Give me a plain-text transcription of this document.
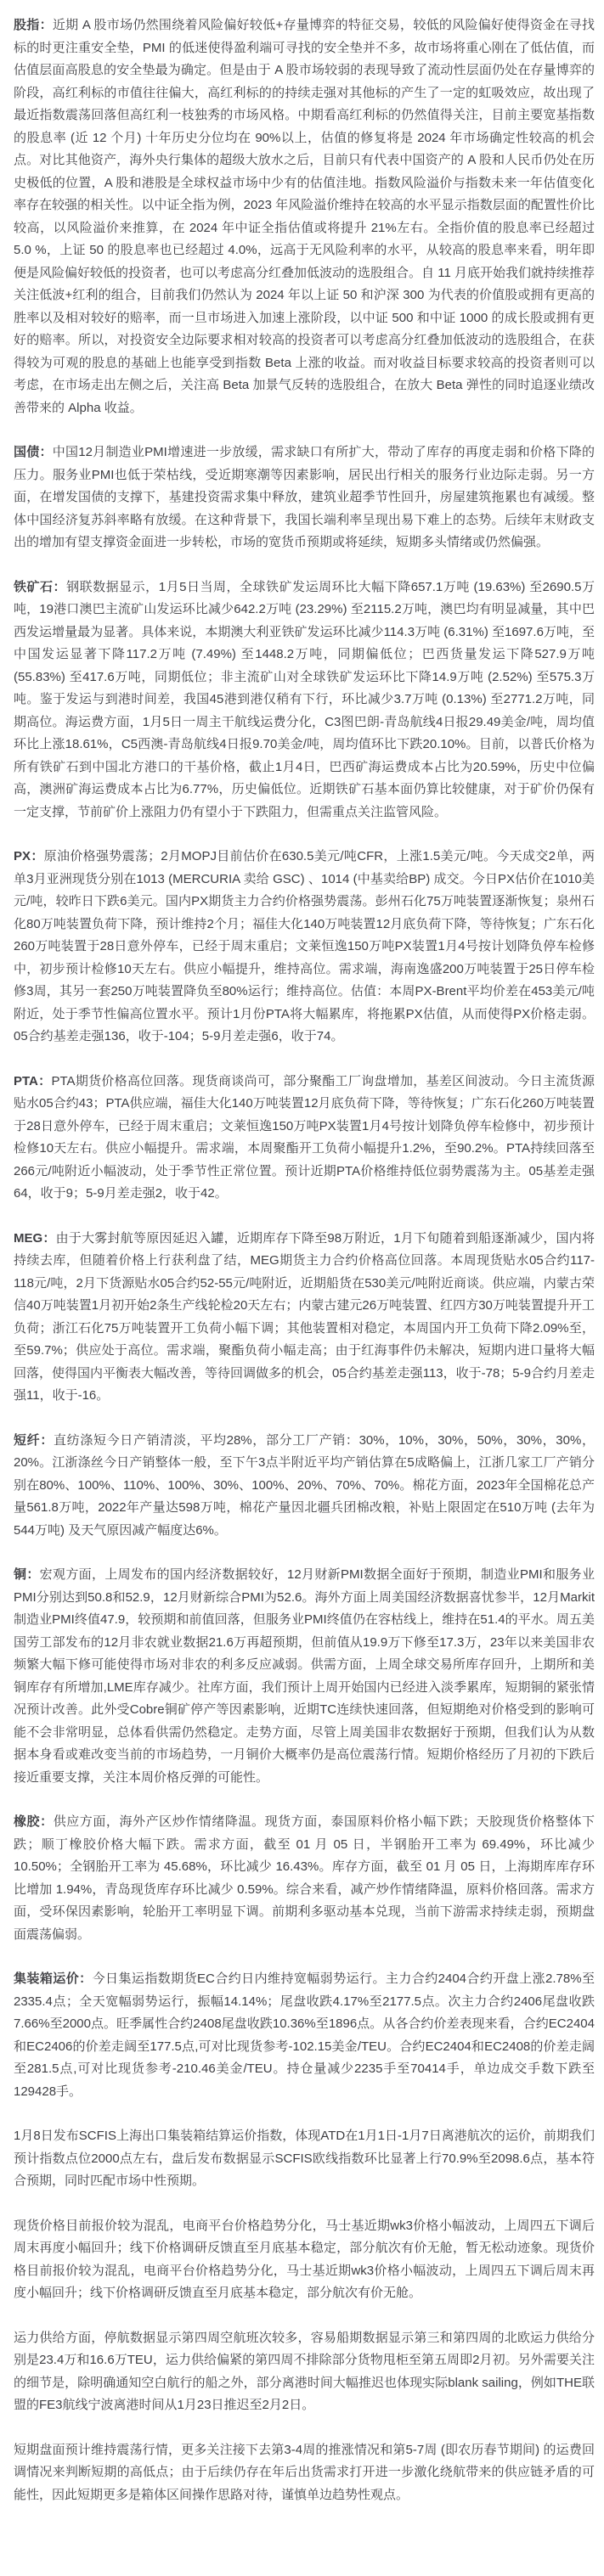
股指：近期 A 股市场仍然围绕着风险偏好较低+存量博弈的特征交易，较低的风险偏好使得资金在寻找标的时更注重安全垫，PMI 的低迷使得盈利端可寻找的安全垫并不多，故市场将重心刚在了低估值，而估值层面高股息的安全垫最为确定。但是由于 A 股市场较弱的表现导致了流动性层面仍处在存量博弈的阶段，高红利标的市值往往偏大，高红利标的的持续走强对其他标的产生了一定的虹吸效应，故出现了最近指数震荡回落但高红利一枝独秀的市场风格。中期看高红利标的仍然值得关注，目前主要宽基指数的股息率 (近 12 个月) 十年历史分位均在 90%以上，估值的修复将是 2024 年市场确定性较高的机会点。对比其他资产，海外央行集体的超级大放水之后，目前只有代表中国资产的 A 股和人民币仍处在历史极低的位置，A 股和港股是全球权益市场中少有的估值洼地。指数风险溢价与指数未来一年估值变化率存在较强的相关性。以中证全指为例，2023 年风险溢价维持在较高的水平显示指数层面的配置性价比较高，以风险溢价来推算，在 2024 年中证全指估值或将提升 21%左右。全指价值的股息率已经超过 5.0 %，上证 50 的股息率也已经超过 4.0%，远高于无风险利率的水平，从较高的股息率来看，明年即便是风险偏好较低的投资者，也可以考虑高分红叠加低波动的选股组合。自 11 月底开始我们就持续推荐关注低波+红利的组合，目前我们仍然认为 2024 年以上证 50 和沪深 300 为代表的价值股或拥有更高的胜率以及相对较好的赔率，而一旦市场进入加速上涨阶段，以中证 500 和中证 1000 的成长股或拥有更好的赔率。所以，对投资安全边际要求相对较高的投资者可以考虑高分红叠加低波动的选股组合，在获得较为可观的股息的基础上也能享受到指数 Beta 上涨的收益。而对收益目标要求较高的投资者则可以考虑，在市场走出左侧之后，关注高 Beta 加景气反转的选股组合，在放大 Beta 弹性的同时追逐业绩改善带来的 Alpha 收益。

国债：中国12月制造业PMI增速进一步放缓，需求缺口有所扩大，带动了库存的再度走弱和价格下降的压力。服务业PMI也低于荣枯线，受近期寒潮等因素影响，居民出行相关的服务行业边际走弱。另一方面，在增发国债的支撑下，基建投资需求集中释放，建筑业超季节性回升，房屋建筑拖累也有减缓。整体中国经济复苏斜率略有放缓。在这种背景下，我国长端利率呈现出易下难上的态势。后续年末财政支出的增加有望支撑资金面进一步转松，市场的宽货币预期或将延续，短期多头情绪或仍然偏强。

铁矿石：钢联数据显示，1月5日当周，全球铁矿发运周环比大幅下降657.1万吨 (19.63%) 至2690.5万吨，19港口澳巴主流矿山发运环比减少642.2万吨 (23.29%) 至2115.2万吨，澳巴均有明显减量，其中巴西发运增量最为显著。具体来说，本期澳大利亚铁矿发运环比减少114.3万吨 (6.31%) 至1697.6万吨，至中国发运显著下降117.2万吨 (7.49%) 至1448.2万吨，同期偏低位；巴西货量发运下降527.9万吨 (55.83%) 至417.6万吨，同期低位；非主流矿山对全球铁矿发运环比下降14.9万吨 (2.52%) 至575.3万吨。鉴于发运与到港时间差，我国45港到港仅稍有下行，环比减少3.7万吨 (0.13%) 至2771.2万吨，同期高位。海运费方面，1月5日一周主干航线运费分化，C3图巴朗-青岛航线4日报29.49美金/吨，周均值环比上涨18.61%，C5西澳-青岛航线4日报9.70美金/吨，周均值环比下跌20.10%。目前，以普氏价格为所有铁矿石到中国北方港口的干基价格，截止1月4日，巴西矿海运费成本占比为20.59%，历史中位偏高，澳洲矿海运费成本占比为6.77%，历史偏低位。近期铁矿石基本面仍算比较健康，对于矿价仍保有一定支撑，节前矿价上涨阻力仍有望小于下跌阻力，但需重点关注监管风险。

PX：原油价格强势震荡；2月MOPJ目前估价在630.5美元/吨CFR，上涨1.5美元/吨。今天成交2单，两单3月亚洲现货分别在1013 (MERCURIA 卖给 GSC) 、1014 (中基卖给BP) 成交。今日PX估价在1010美元/吨，较昨日下跌6美元。国内PX期货主力合约价格强势震荡。彭州石化75万吨装置逐渐恢复；泉州石化80万吨装置负荷下降，预计维持2个月；福佳大化140万吨装置12月底负荷下降，等待恢复；广东石化260万吨装置于28日意外停车，已经于周末重启；文莱恒逸150万吨PX装置1月4号按计划降负停车检修中，初步预计检修10天左右。供应小幅提升，维持高位。需求端，海南逸盛200万吨装置于25日停车检修3周，其另一套250万吨装置降负至80%运行；维持高位。估值：本周PX-Brent平均价差在453美元/吨附近，处于季节性偏高位置水平。预计1月份PTA将大幅累库，将拖累PX估值，从而使得PX价格走弱。05合约基差走强136，收于-104；5-9月差走强6，收于74。

PTA：PTA期货价格高位回落。现货商谈尚可，部分聚酯工厂询盘增加，基差区间波动。今日主流货源贴水05合约43；PTA供应端，福佳大化140万吨装置12月底负荷下降，等待恢复；广东石化260万吨装置于28日意外停车，已经于周末重启；文莱恒逸150万吨PX装置1月4号按计划降负停车检修中，初步预计检修10天左右。供应小幅提升。需求端，本周聚酯开工负荷小幅提升1.2%，至90.2%。PTA持续回落至266元/吨附近小幅波动，处于季节性正常位置。预计近期PTA价格维持低位弱势震荡为主。05基差走强64，收于9；5-9月差走强2，收于42。

MEG：由于大雾封航等原因延迟入罐，近期库存下降至98万附近，1月下旬随着到船逐渐减少，国内将持续去库，但随着价格上行获利盘了结，MEG期货主力合约价格高位回落。本周现货贴水05合约117-118元/吨，2月下货源贴水05合约52-55元/吨附近，近期船货在530美元/吨附近商谈。供应端，内蒙古荣信40万吨装置1月初开始2条生产线轮检20天左右；内蒙古建元26万吨装置、红四方30万吨装置提升开工负荷；浙江石化75万吨装置开工负荷小幅下调；其他装置相对稳定，本周国内开工负荷下降2.09%至，至59.7%；供应处于高位。需求端，聚酯负荷小幅走高；由于红海事件仍未解决，短期内进口量将大幅回落，使得国内平衡表大幅改善，等待回调做多的机会，05合约基差走强113，收于-78；5-9合约月差走强11，收于-16。

短纤：直纺涤短今日产销清淡，平均28%，部分工厂产销：30%，10%，30%，50%，30%，30%，20%。江浙涤丝今日产销整体一般，至下午3点半附近平均产销估算在5成略偏上，江浙几家工厂产销分别在80%、100%、110%、100%、30%、100%、20%、70%、70%。棉花方面，2023年全国棉花总产量561.8万吨，2022年产量达598万吨，棉花产量因北疆兵团棉改粮，补贴上限固定在510万吨 (去年为544万吨) 及天气原因减产幅度达6%。

铜：宏观方面，上周发布的国内经济数据较好，12月财新PMI数据全面好于预期，制造业PMI和服务业PMI分别达到50.8和52.9，12月财新综合PMI为52.6。海外方面上周美国经济数据喜忧参半，12月Markit制造业PMI终值47.9，较预期和前值回落，但服务业PMI终值仍在容枯线上，维持在51.4的平水。周五美国劳工部发布的12月非农就业数据21.6万再超预期，但前值从19.9万下修至17.3万，23年以来美国非农频繁大幅下修可能使得市场对非农的利多反应减弱。供需方面，上周全球交易所库存回升，上期所和美铜库存有所增加,LME库存减少。社库方面，我们预计上周开始国内已经进入淡季累库，短期铜的紧张情况预计改善。此外受Cobre铜矿停产等因素影响，近期TC连续快速回落，但短期绝对价格受到的影响可能不会非常明显，总体看供需仍然稳定。走势方面，尽管上周美国非农数据好于预期，但我们认为从数据本身看或难改变当前的市场趋势，一月铜价大概率仍是高位震荡行情。短期价格经历了月初的下跌后接近重要支撑，关注本周价格反弹的可能性。

橡胶：供应方面，海外产区炒作情绪降温。现货方面，泰国原料价格小幅下跌；天胶现货价格整体下跌；顺丁橡胶价格大幅下跌。需求方面，截至 01 月 05 日，半钢胎开工率为 69.49%，环比减少 10.50%；全钢胎开工率为 45.68%，环比减少 16.43%。库存方面，截至 01 月 05 日，上海期库库存环比增加 1.94%，青岛现货库存环比减少 0.59%。综合来看，减产炒作情绪降温，原料价格回落。需求方面，受环保因素影响，轮胎开工率明显下调。前期利多驱动基本兑现，当前下游需求持续走弱，预期盘面震荡偏弱。

集装箱运价：今日集运指数期货EC合约日内维持宽幅弱势运行。主力合约2404合约开盘上涨2.78%至2335.4点；全天宽幅弱势运行，振幅14.14%；尾盘收跌4.17%至2177.5点。次主力合约2406尾盘收跌7.66%至2000点。旺季属性合约2408尾盘收跌10.36%至1896点。从各合约价差表现来看，合约EC2404和EC2406的价差走阔至177.5点,可对比现货参考-102.15美金/TEU。合约EC2404和EC2408的价差走阔至281.5点,可对比现货参考-210.46美金/TEU。持仓量减少2235手至70414手，单边成交手数下跌至129428手。

1月8日发布SCFIS上海出口集装箱结算运价指数，体现ATD在1月1日-1月7日离港航次的运价，前期我们预计指数点位2000点左右，盘后发布数据显示SCFIS欧线指数环比显著上行70.9%至2098.6点，基本符合预期，同时匹配市场中性预期。

现货价格目前报价较为混乱，电商平台价格趋势分化，马士基近期wk3价格小幅波动，上周四五下调后周末再度小幅回升；线下价格调研反馈直至月底基本稳定，部分航次有价无舱，暂无松动迹象。现货价格目前报价较为混乱，电商平台价格趋势分化，马士基近期wk3价格小幅波动，上周四五下调后周末再度小幅回升；线下价格调研反馈直至月底基本稳定，部分航次有价无舱。

运力供给方面，停航数据显示第四周空航班次较多，容易船期数据显示第三和第四周的北欧运力供给分别是23.4万和16.6万TEU，运力供给偏紧的第四周不排除部分货物甩柜至第五周即2月初。另外需要关注的细节是，除明确通知空白航行的船之外，部分离港时间大幅推迟也体现实际blank sailing，例如THE联盟的FE3航线宁波离港时间从1月23日推迟至2月2日。

短期盘面预计维持震荡行情，更多关注接下去第3-4周的推涨情况和第5-7周 (即农历春节期间) 的运费回调情况来判断短期的高低点；由于后续仍存在年后出货需求打开进一步激化绕航带来的供应链矛盾的可能性，因此短期更多是箱体区间操作思路对待，谨慎单边趋势性观点。
